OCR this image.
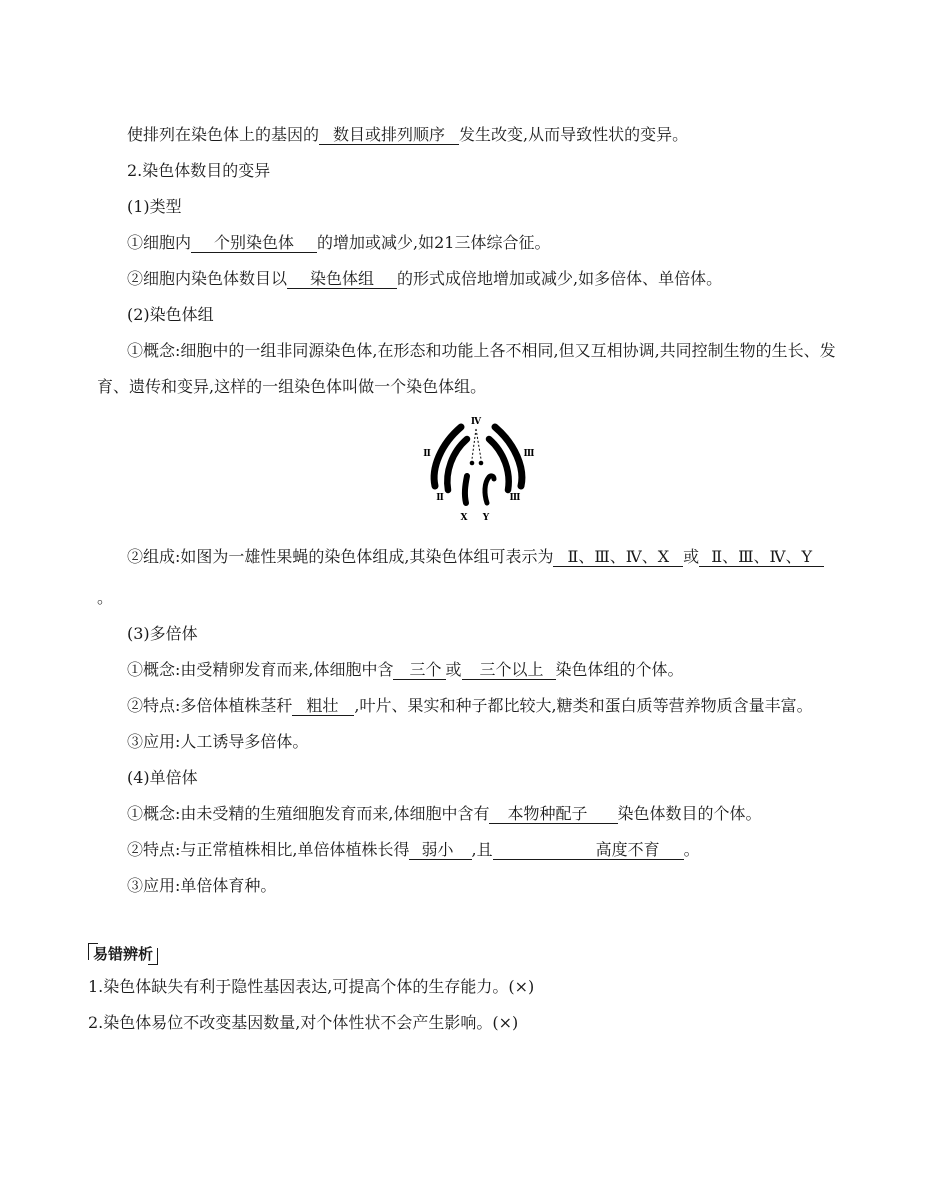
使排列在染色体上的基因的 数目或排列顺序 发生改变,从而导致性状的变异。

2.染色体数目的变异

(1)类型

①细胞内 个别染色体 的增加或减少,如21三体综合征。

②细胞内染色体数目以 染色体组 的形式成倍地增加或减少,如多倍体、单倍体。

(2)染色体组

①概念:细胞中的一组非同源染色体,在形态和功能上各不相同,但又互相协调,共同控制生物的生长、发育、遗传和变异,这样的一组染色体叫做一个染色体组。

Ⅳ
Ⅱ	Ⅲ
Ⅱ	Ⅲ
X Y

②组成:如图为一雄性果蝇的染色体组成,其染色体组可表示为 Ⅱ、Ⅲ、Ⅳ、X 或 Ⅱ、Ⅲ、Ⅳ、Y
。

(3)多倍体

①概念:由受精卵发育而来,体细胞中含 三个 或 三个以上 染色体组的个体。

②特点:多倍体植株茎秆 粗壮 ,叶片、果实和种子都比较大,糖类和蛋白质等营养物质含量丰富。

③应用:人工诱导多倍体。

(4)单倍体

①概念:由未受精的生殖细胞发育而来,体细胞中含有 本物种配子 染色体数目的个体。

②特点:与正常植株相比,单倍体植株长得 弱小 ,且	高度不育 。

③应用:单倍体育种。

易错辨析

1.染色体缺失有利于隐性基因表达,可提高个体的生存能力。(×)

2.染色体易位不改变基因数量,对个体性状不会产生影响。(×)
